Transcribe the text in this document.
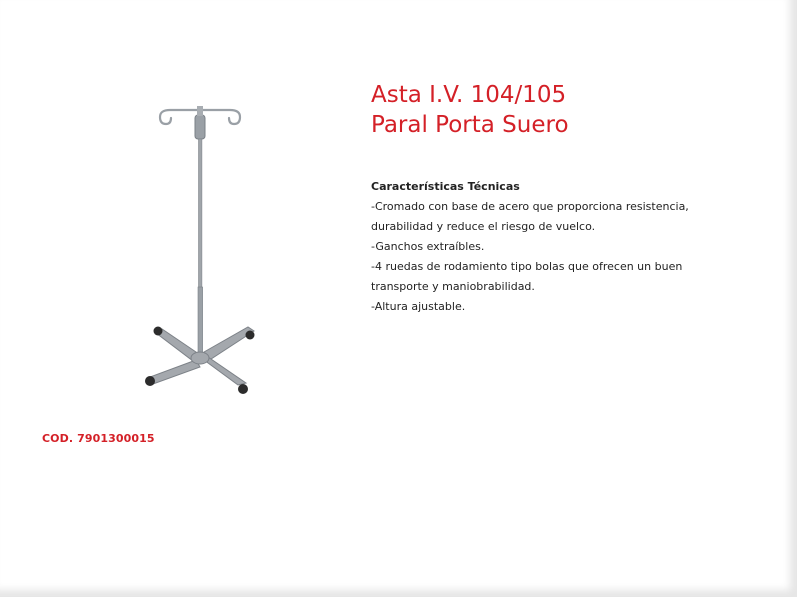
COD. 7901300015
Asta I.V. 104/105
Paral Porta Suero
Características Técnicas
-Cromado con base de acero que proporciona resistencia,
durabilidad y reduce el riesgo de vuelco.
-Ganchos extraíbles.
-4 ruedas de rodamiento tipo bolas que ofrecen un buen
transporte y maniobrabilidad.
-Altura ajustable.
